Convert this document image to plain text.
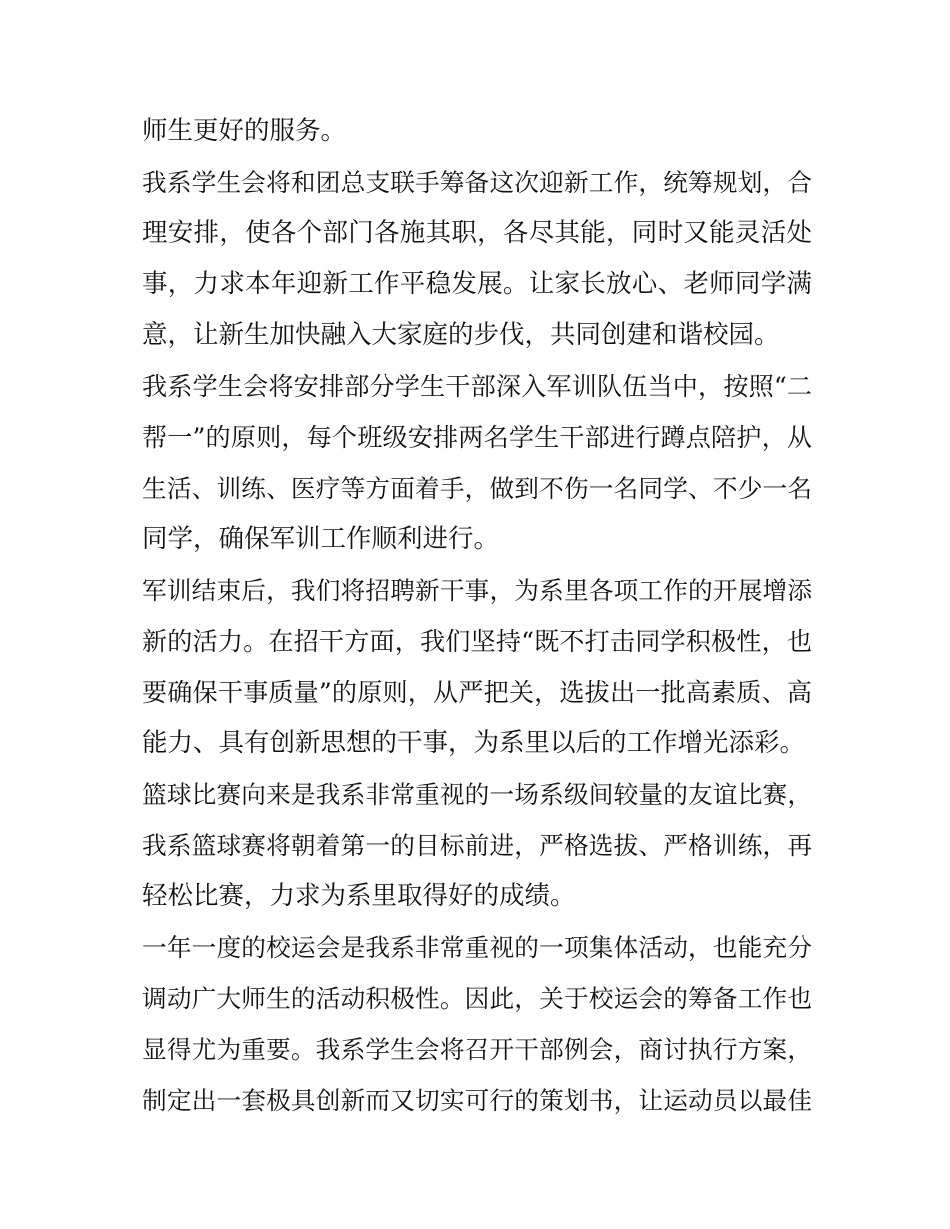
师生更好的服务。
我系学生会将和团总支联手筹备这次迎新工作，统筹规划，合
理安排，使各个部门各施其职，各尽其能，同时又能灵活处
事，力求本年迎新工作平稳发展。让家长放心、老师同学满
意，让新生加快融入大家庭的步伐，共同创建和谐校园。
我系学生会将安排部分学生干部深入军训队伍当中，按照“二
帮一”的原则，每个班级安排两名学生干部进行蹲点陪护，从
生活、训练、医疗等方面着手，做到不伤一名同学、不少一名
同学，确保军训工作顺利进行。
军训结束后，我们将招聘新干事，为系里各项工作的开展增添
新的活力。在招干方面，我们坚持“既不打击同学积极性，也
要确保干事质量”的原则，从严把关，选拔出一批高素质、高
能力、具有创新思想的干事，为系里以后的工作增光添彩。
篮球比赛向来是我系非常重视的一场系级间较量的友谊比赛，
我系篮球赛将朝着第一的目标前进，严格选拔、严格训练，再
轻松比赛，力求为系里取得好的成绩。
一年一度的校运会是我系非常重视的一项集体活动，也能充分
调动广大师生的活动积极性。因此，关于校运会的筹备工作也
显得尤为重要。我系学生会将召开干部例会，商讨执行方案，
制定出一套极具创新而又切实可行的策划书，让运动员以最佳
